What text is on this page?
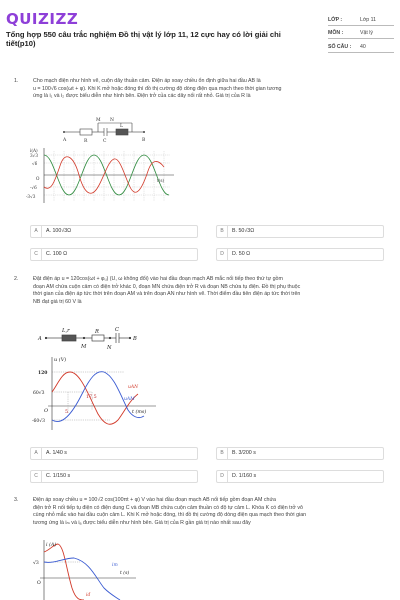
QUIZIZZ
Tổng hợp 550 câu trắc nghiệm Đồ thị vật lý lớp 11, 12 cực hay có lời giải chi tiết(p10)
LỚP :	Lớp 11
MÔN :	Vật lý
SỐ CÂU : 40
1.	Cho mạch điện như hình vẽ, cuộn dây thuần cảm. Điện áp xoay chiều ổn định giữa hai đầu AB là
u = 100√6 cos(ωt + φ). Khi K mở hoặc đóng thì đồ thị cường độ dòng điện qua mạch theo thời gian tương
ứng là i₁ và i₂ được biểu diễn như hình bên. Điện trở của các dây nối rất nhỏ. Giá trị của R là
M N
L
A	R	C	B
i(A)
3√3
√6
O
-√6
-3√3
t(s)
A	A. 100√3Ω	B	B. 50√3Ω
C	C. 100 Ω	D	D. 50 Ω
2.	Đặt điện áp u = 120cos(ωt + φᵤ) (U, ω không đổi) vào hai đầu đoạn mạch AB mắc nối tiếp theo thứ tự gồm
đoạn AM chứa cuộn cảm có điện trở khác 0, đoạn MN chứa điện trở R và đoạn NB chứa tụ điện. Đồ thị phụ thuộc
thời gian của điện áp tức thời trên đoạn AM và trên đoạn AN như hình vẽ. Thời điểm đầu tiên điện áp tức thời trên
NB đạt giá trị 60 V là
L,r	R	C
A
M	N
B
u (V)
120
60√3
O	5
17,5
t (ms)
-60√3
uAN
uAM
A	A. 1/40 s	B	B. 3/200 s
C	C. 1/150 s	D	D. 1/160 s
3.	Điện áp xoay chiều u = 100√2 cos(100πt + φ) V vào hai đầu đoạn mạch AB nối tiếp gồm đoạn AM chứa
điện trở R nối tiếp tụ điện có điện dung C và đoạn MB chứa cuộn cảm thuần có độ tự cảm L. Khóa K có điện trở vô
cùng nhỏ mắc vào hai đầu cuộn cảm L. Khi K mở hoặc đóng, thì đồ thị cường độ dòng điện qua mạch theo thời gian
tương ứng là iₘ và iₐ được biểu diễn như hình bên. Giá trị của R gần giá trị nào nhất sau đây
i (A)
√3
O
t (s)
im
iđ
